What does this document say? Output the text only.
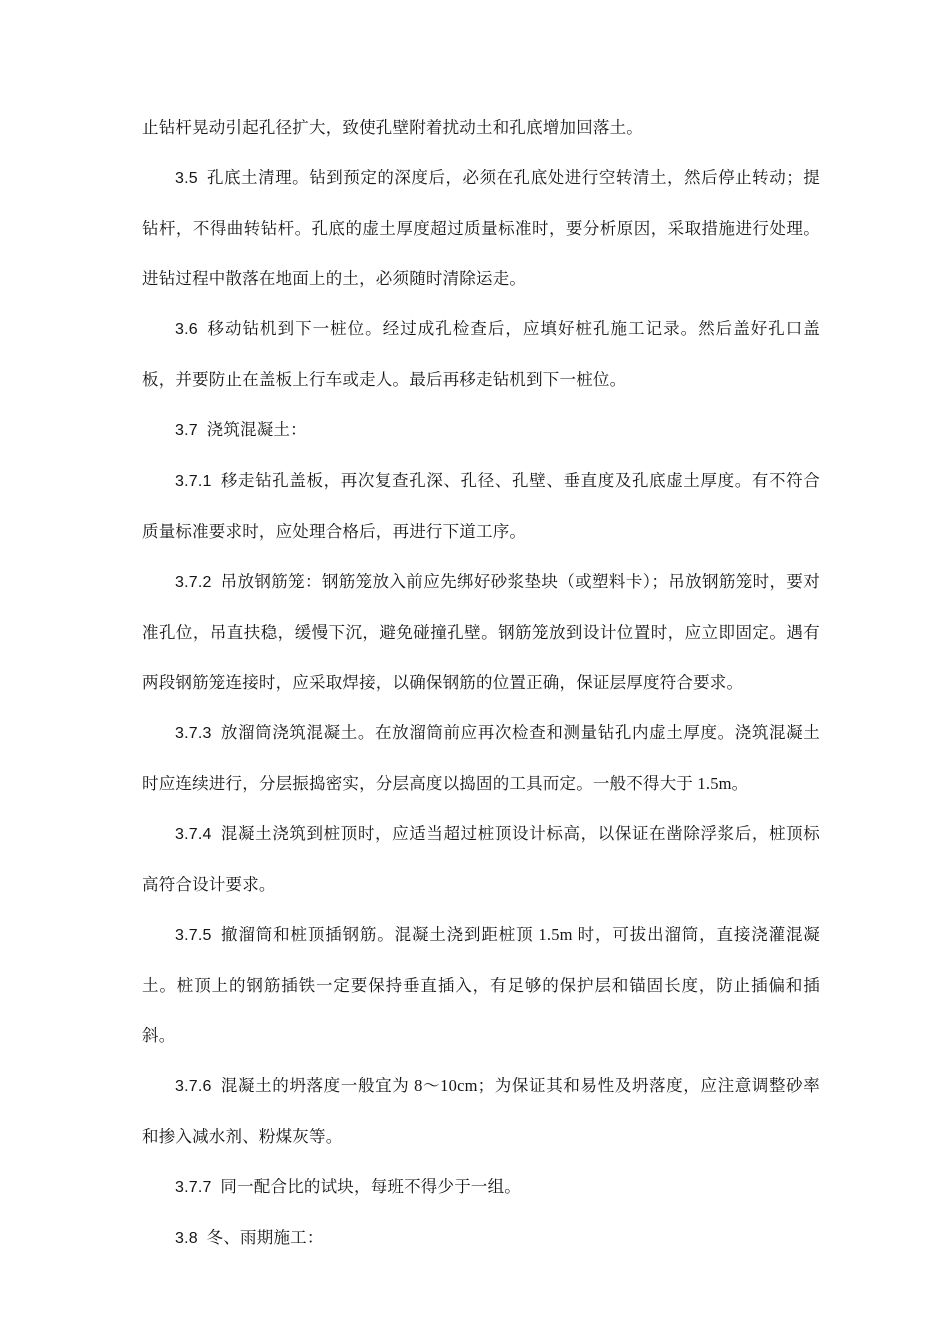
止钻杆晃动引起孔径扩大，致使孔壁附着扰动土和孔底增加回落土。

3.5 孔底土清理。钻到预定的深度后，必须在孔底处进行空转清土，然后停止转动；提钻杆，不得曲转钻杆。孔底的虚土厚度超过质量标准时，要分析原因，采取措施进行处理。进钻过程中散落在地面上的土，必须随时清除运走。

3.6 移动钻机到下一桩位。经过成孔检查后，应填好桩孔施工记录。然后盖好孔口盖板，并要防止在盖板上行车或走人。最后再移走钻机到下一桩位。

3.7 浇筑混凝土：

3.7.1 移走钻孔盖板，再次复查孔深、孔径、孔壁、垂直度及孔底虚土厚度。有不符合质量标准要求时，应处理合格后，再进行下道工序。

3.7.2 吊放钢筋笼：钢筋笼放入前应先绑好砂浆垫块（或塑料卡）；吊放钢筋笼时，要对准孔位，吊直扶稳，缓慢下沉，避免碰撞孔壁。钢筋笼放到设计位置时，应立即固定。遇有两段钢筋笼连接时，应采取焊接，以确保钢筋的位置正确，保证层厚度符合要求。

3.7.3 放溜筒浇筑混凝土。在放溜筒前应再次检查和测量钻孔内虚土厚度。浇筑混凝土时应连续进行，分层振捣密实，分层高度以捣固的工具而定。一般不得大于 1.5m。

3.7.4 混凝土浇筑到桩顶时，应适当超过桩顶设计标高，以保证在凿除浮浆后，桩顶标高符合设计要求。

3.7.5 撤溜筒和桩顶插钢筋。混凝土浇到距桩顶 1.5m 时，可拔出溜筒，直接浇灌混凝土。桩顶上的钢筋插铁一定要保持垂直插入，有足够的保护层和锚固长度，防止插偏和插斜。

3.7.6 混凝土的坍落度一般宜为 8～10cm；为保证其和易性及坍落度，应注意调整砂率和掺入减水剂、粉煤灰等。

3.7.7 同一配合比的试块，每班不得少于一组。

3.8 冬、雨期施工：
